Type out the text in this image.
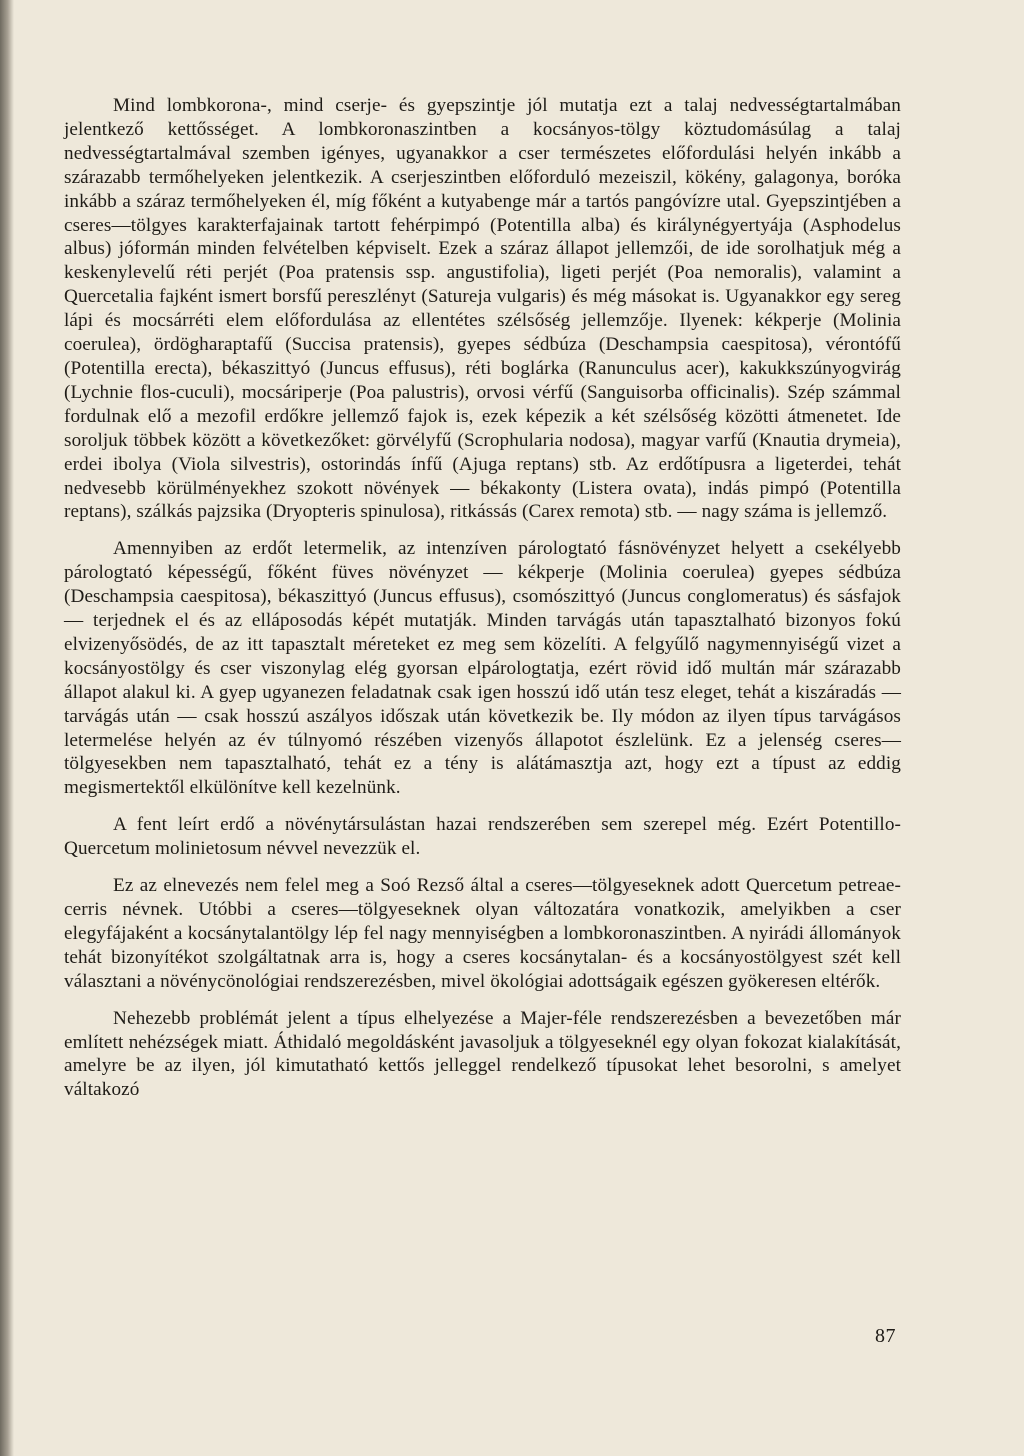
Mind lombkorona-, mind cserje- és gyepszintje jól mutatja ezt a talaj nedvességtartalmában jelentkező kettősséget. A lombkoronaszintben a kocsányos-tölgy köztudomásúlag a talaj nedvességtartalmával szemben igényes, ugyanakkor a cser természetes előfordulási helyén inkább a szárazabb termőhelyeken jelentkezik. A cserjeszintben előforduló mezeiszil, kökény, galagonya, boróka inkább a száraz termőhelyeken él, míg főként a kutyabenge már a tartós pangóvízre utal. Gyepszintjében a cseres—tölgyes karakterfajainak tartott fehérpimpó (Potentilla alba) és királynégyertyája (Asphodelus albus) jóformán minden felvételben képviselt. Ezek a száraz állapot jellemzői, de ide sorolhatjuk még a keskenylevelű réti perjét (Poa pratensis ssp. angustifolia), ligeti perjét (Poa nemoralis), valamint a Quercetalia fajként ismert borsfű pereszlényt (Satureja vulgaris) és még másokat is. Ugyanakkor egy sereg lápi és mocsárréti elem előfordulása az ellentétes szélsőség jellemzője. Ilyenek: kékperje (Molinia coerulea), ördögharaptafű (Succisa pratensis), gyepes sédbúza (Deschampsia caespitosa), vérontófű (Potentilla erecta), békaszittyó (Juncus effusus), réti boglárka (Ranunculus acer), kakukkszúnyogvirág (Lychnie flos-cuculi), mocsáriperje (Poa palustris), orvosi vérfű (Sanguisorba officinalis). Szép számmal fordulnak elő a mezofil erdőkre jellemző fajok is, ezek képezik a két szélsőség közötti átmenetet. Ide soroljuk többek között a következőket: görvélyfű (Scrophularia nodosa), magyar varfű (Knautia drymeia), erdei ibolya (Viola silvestris), ostorindás ínfű (Ajuga reptans) stb. Az erdőtípusra a ligeterdei, tehát nedvesebb körülményekhez szokott növények — békakonty (Listera ovata), indás pimpó (Potentilla reptans), szálkás pajzsika (Dryopteris spinulosa), ritkássás (Carex remota) stb. — nagy száma is jellemző.

Amennyiben az erdőt letermelik, az intenzíven párologtató fásnövényzet helyett a csekélyebb párologtató képességű, főként füves növényzet — kékperje (Molinia coerulea) gyepes sédbúza (Deschampsia caespitosa), békaszittyó (Juncus effusus), csomószittyó (Juncus conglomeratus) és sásfajok — terjednek el és az elláposodás képét mutatják. Minden tarvágás után tapasztalható bizonyos fokú elvizenyősödés, de az itt tapasztalt méreteket ez meg sem közelíti. A felgyűlő nagymennyiségű vizet a kocsányostölgy és cser viszonylag elég gyorsan elpárologtatja, ezért rövid idő multán már szárazabb állapot alakul ki. A gyep ugyanezen feladatnak csak igen hosszú idő után tesz eleget, tehát a kiszáradás — tarvágás után — csak hosszú aszályos időszak után következik be. Ily módon az ilyen típus tarvágásos letermelése helyén az év túlnyomó részében vizenyős állapotot észlelünk. Ez a jelenség cseres—tölgyesekben nem tapasztalható, tehát ez a tény is alátámasztja azt, hogy ezt a típust az eddig megismertektől elkülönítve kell kezelnünk.

A fent leírt erdő a növénytársulástan hazai rendszerében sem szerepel még. Ezért Potentillo-Quercetum molinietosum névvel nevezzük el.

Ez az elnevezés nem felel meg a Soó Rezső által a cseres—tölgyeseknek adott Quercetum petreae-cerris névnek. Utóbbi a cseres—tölgyeseknek olyan változatára vonatkozik, amelyikben a cser elegyfájaként a kocsánytalantölgy lép fel nagy mennyiségben a lombkoronaszintben. A nyirádi állományok tehát bizonyítékot szolgáltatnak arra is, hogy a cseres kocsánytalan- és a kocsányostölgyest szét kell választani a növénycönológiai rendszerezésben, mivel ökológiai adottságaik egészen gyökeresen eltérők.

Nehezebb problémát jelent a típus elhelyezése a Majer-féle rendszerezésben a bevezetőben már említett nehézségek miatt. Áthidaló megoldásként javasoljuk a tölgyeseknél egy olyan fokozat kialakítását, amelyre be az ilyen, jól kimutatható kettős jelleggel rendelkező típusokat lehet besorolni, s amelyet váltakozó

87
